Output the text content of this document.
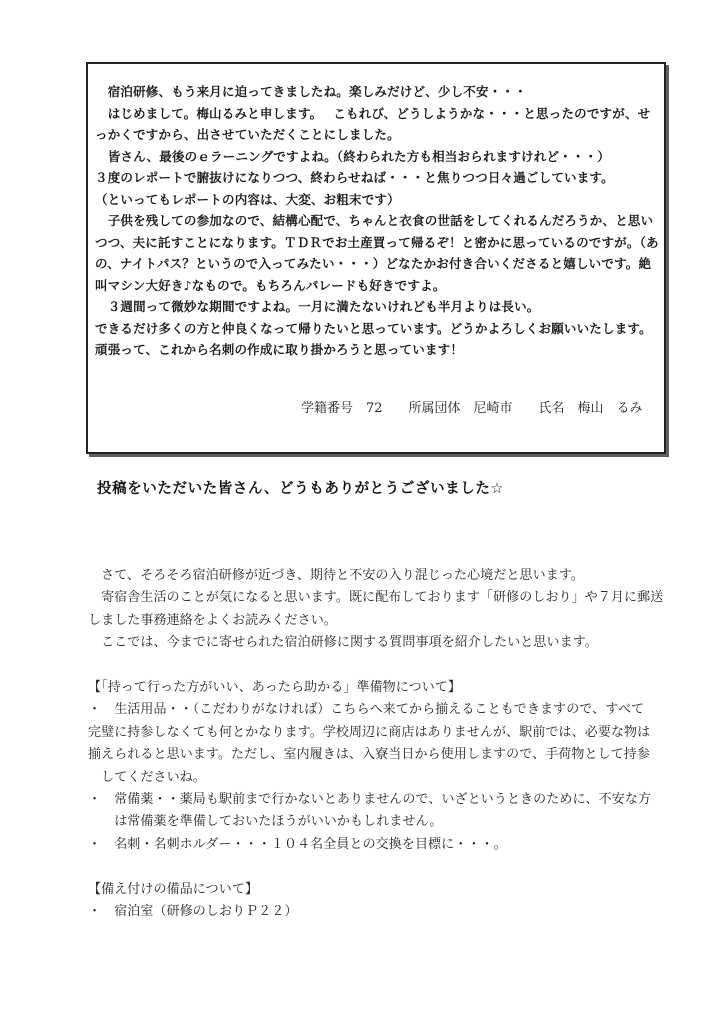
　宿泊研修、もう来月に迫ってきましたね。楽しみだけど、少し不安・・・
　はじめまして。梅山るみと申します。　 こもれび、どうしようかな・・・と思ったのですが、せ
っかくですから、出させていただくことにしました。
　皆さん、最後のｅラーニングですよね。（終わられた方も相当おられますけれど・・・）
３度のレポートで腑抜けになりつつ、終わらせねば・・・と焦りつつ日々過ごしています。
（といってもレポートの内容は、大変、お粗末です）
　子供を残しての参加なので、結構心配で、ちゃんと衣食の世話をしてくれるんだろうか、と思い
つつ、夫に託すことになります。ＴＤＲでお土産買って帰るぞ！と密かに思っているのですが。（あ
の、ナイトパス？というので入ってみたい・・・）どなたかお付き合いくださると嬉しいです。絶
叫マシン大好き♪なもので。もちろんパレードも好きですよ。
　３週間って微妙な期間ですよね。一月に満たないけれども半月よりは長い。
できるだけ多くの方と仲良くなって帰りたいと思っています。どうかよろしくお願いいたします。
頑張って、これから名刺の作成に取り掛かろうと思っています！
学籍番号　72　　所属団体　尼崎市　　氏名　梅山　るみ
投稿をいただいた皆さん、どうもありがとうございました☆
　さて、そろそろ宿泊研修が近づき、期待と不安の入り混じった心境だと思います。
　寄宿舎生活のことが気になると思います。既に配布しております「研修のしおり」や７月に郵送
しました事務連絡をよくお読みください。
　ここでは、今までに寄せられた宿泊研修に関する質問事項を紹介したいと思います。

【「持って行った方がいい、あったら助かる」準備物について】
・　生活用品・・（こだわりがなければ）こちらへ来てから揃えることもできますので、すべて
完璧に持参しなくても何とかなります。学校周辺に商店はありませんが、駅前では、必要な物は
揃えられると思います。ただし、室内履きは、入寮当日から使用しますので、手荷物として持参
　してくださいね。
・　常備薬・・薬局も駅前まで行かないとありませんので、いざというときのために、不安な方
　　は常備薬を準備しておいたほうがいいかもしれません。
・　名刺・名刺ホルダー・・・１０４名全員との交換を目標に・・・。

【備え付けの備品について】
・　宿泊室（研修のしおりＰ２２）
